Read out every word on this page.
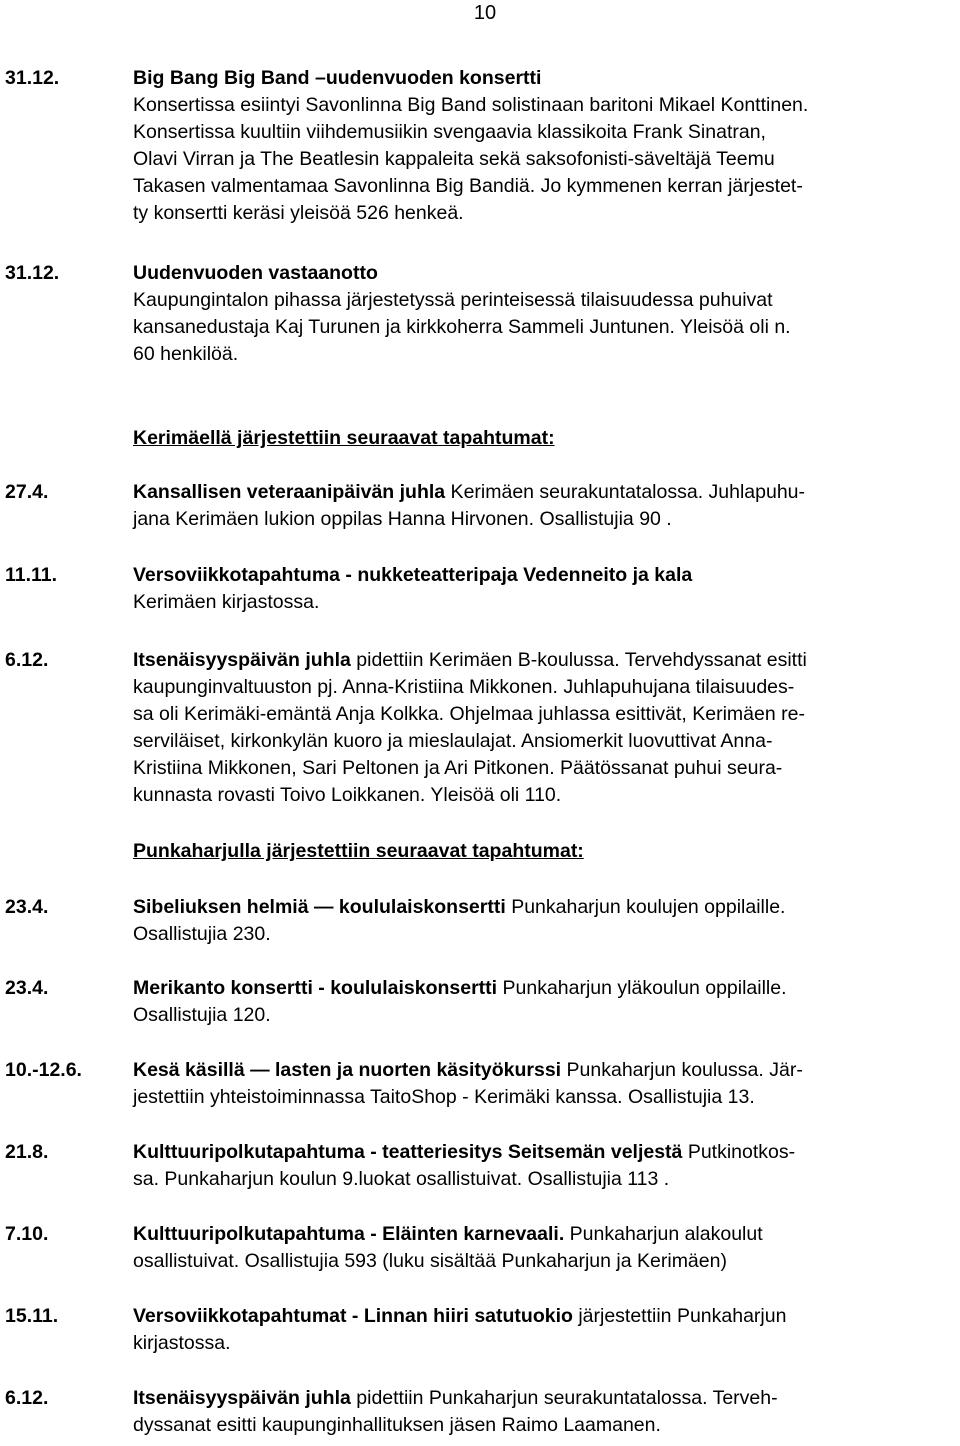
10
31.12.	Big Bang Big Band –uudenvuoden konsertti
Konsertissa esiintyi Savonlinna Big Band solistinaan baritoni Mikael Konttinen.
Konsertissa kuultiin viihdemusiikin svengaavia klassikoita Frank Sinatran,
Olavi Virran ja The Beatlesin kappaleita sekä saksofonisti-säveltäjä Teemu
Takasen valmentamaa Savonlinna Big Bandiä. Jo kymmenen kerran järjestet-
ty konsertti keräsi yleisöä 526 henkeä.
31.12.	Uudenvuoden vastaanotto
Kaupungintalon pihassa järjestetyssä perinteisessä tilaisuudessa puhuivat
kansanedustaja Kaj Turunen ja kirkkoherra Sammeli Juntunen. Yleisöä oli n.
60 henkilöä.
Kerimäellä järjestettiin seuraavat tapahtumat:
27.4.	Kansallisen veteraanipäivän juhla Kerimäen seurakuntatalossa. Juhlapuhu-
jana Kerimäen lukion oppilas Hanna Hirvonen. Osallistujia 90 .
11.11.	Versoviikkotapahtuma - nukketeatteripaja Vedenneito ja kala
Kerimäen kirjastossa.
6.12.	Itsenäisyyspäivän juhla pidettiin Kerimäen B-koulussa. Tervehdyssanat esitti
kaupunginvaltuuston pj. Anna-Kristiina Mikkonen. Juhlapuhujana tilaisuudes-
sa oli Kerimäki-emäntä Anja Kolkka. Ohjelmaa juhlassa esittivät, Kerimäen re-
serviläiset, kirkonkylän kuoro ja mieslaulajat. Ansiomerkit luovuttivat Anna-
Kristiina Mikkonen, Sari Peltonen ja Ari Pitkonen. Päätössanat puhui seura-
kunnasta rovasti Toivo Loikkanen. Yleisöä oli 110.
Punkaharjulla järjestettiin seuraavat tapahtumat:
23.4.	Sibeliuksen helmiä — koululaiskonsertti Punkaharjun koulujen oppilaille.
Osallistujia 230.
23.4.	Merikanto konsertti - koululaiskonsertti Punkaharjun yläkoulun oppilaille.
Osallistujia 120.
10.-12.6.	Kesä käsillä — lasten ja nuorten käsityökurssi Punkaharjun koulussa. Jär-
jestettiin yhteistoiminnassa TaitoShop - Kerimäki kanssa. Osallistujia 13.
21.8.	Kulttuuripolkutapahtuma - teatteriesitys Seitsemän veljestä Putkinotkos-
sa. Punkaharjun koulun 9.luokat osallistuivat. Osallistujia 113 .
7.10.	Kulttuuripolkutapahtuma - Eläinten karnevaali. Punkaharjun alakoulut
osallistuivat. Osallistujia 593 (luku sisältää Punkaharjun ja Kerimäen)
15.11.	Versoviikkotapahtumat - Linnan hiiri satutuokio järjestettiin Punkaharjun
kirjastossa.
6.12.	Itsenäisyyspäivän juhla pidettiin Punkaharjun seurakuntatalossa. Terveh-
dyssanat esitti kaupunginhallituksen jäsen Raimo Laamanen.
